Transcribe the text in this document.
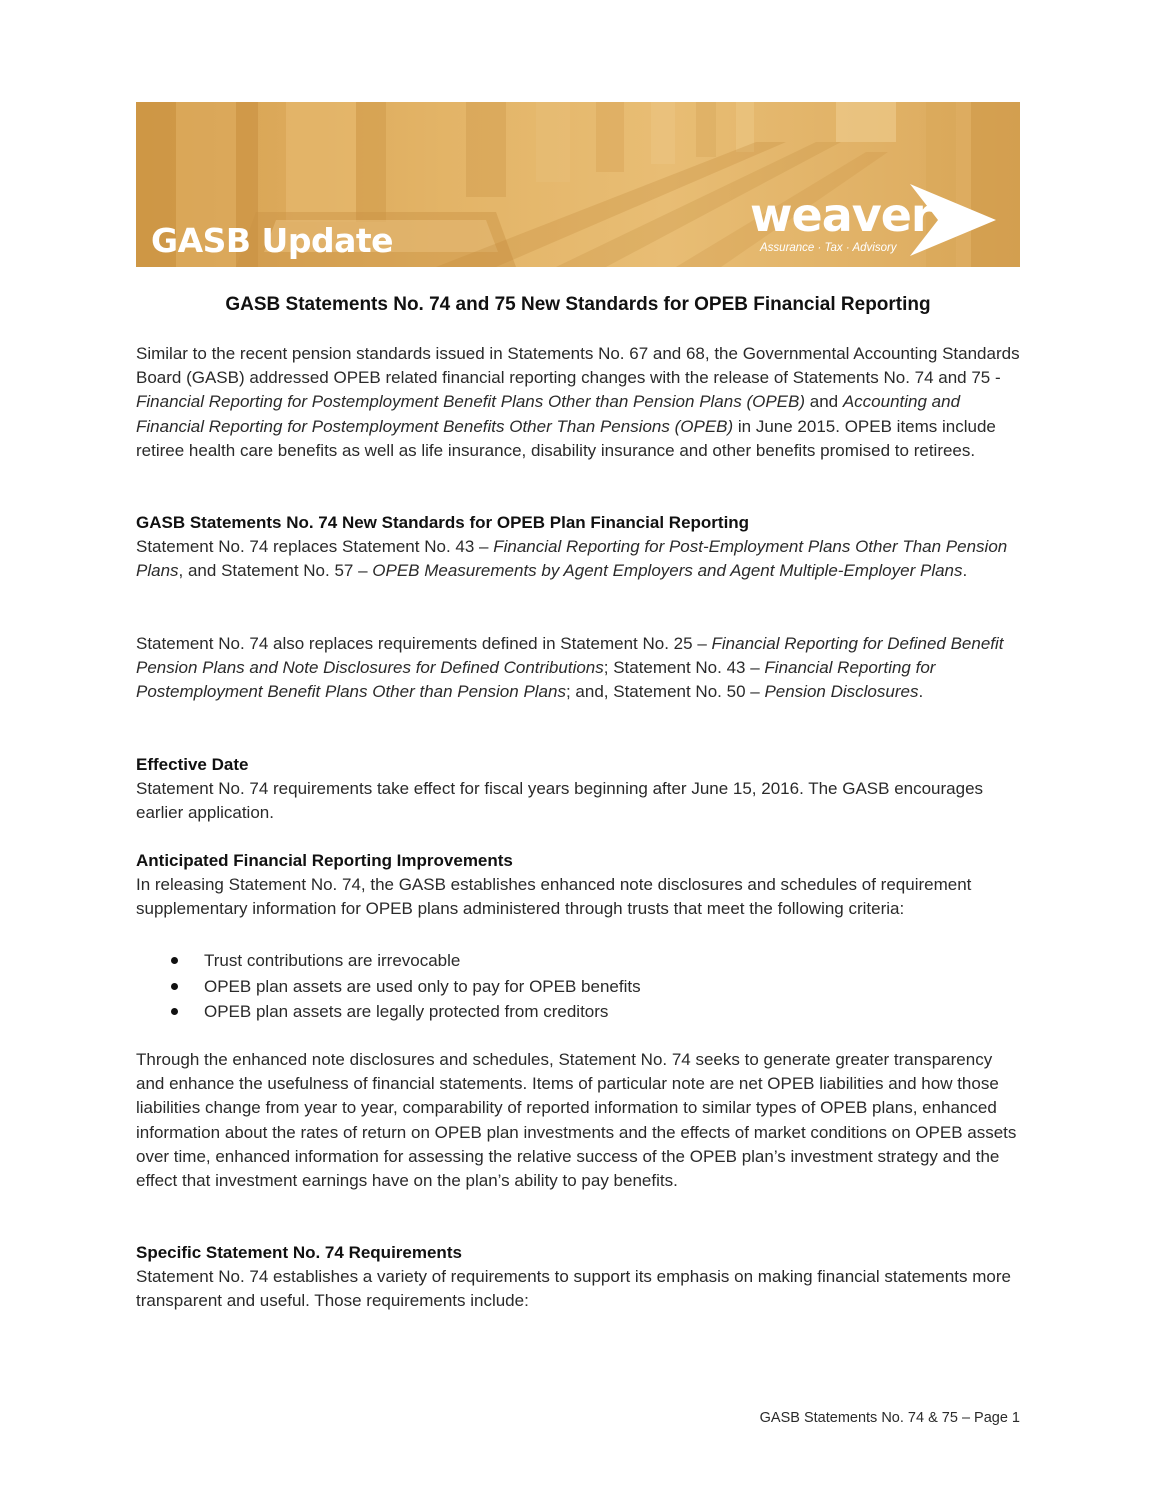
GASB Update	weaver
Assurance · Tax · Advisory
GASB Statements No. 74 and 75 New Standards for OPEB Financial Reporting

Similar to the recent pension standards issued in Statements No. 67 and 68, the Governmental Accounting Standards Board (GASB) addressed OPEB related financial reporting changes with the release of Statements No. 74 and 75 - Financial Reporting for Postemployment Benefit Plans Other than Pension Plans (OPEB) and Accounting and Financial Reporting for Postemployment Benefits Other Than Pensions (OPEB) in June 2015. OPEB items include retiree health care benefits as well as life insurance, disability insurance and other benefits promised to retirees.

GASB Statements No. 74 New Standards for OPEB Plan Financial Reporting

Statement No. 74 replaces Statement No. 43 – Financial Reporting for Post-Employment Plans Other Than Pension Plans, and Statement No. 57 – OPEB Measurements by Agent Employers and Agent Multiple-Employer Plans.

Statement No. 74 also replaces requirements defined in Statement No. 25 – Financial Reporting for Defined Benefit Pension Plans and Note Disclosures for Defined Contributions; Statement No. 43 – Financial Reporting for Postemployment Benefit Plans Other than Pension Plans; and, Statement No. 50 – Pension Disclosures.

Effective Date

Statement No. 74 requirements take effect for fiscal years beginning after June 15, 2016. The GASB encourages earlier application.

Anticipated Financial Reporting Improvements

In releasing Statement No. 74, the GASB establishes enhanced note disclosures and schedules of requirement supplementary information for OPEB plans administered through trusts that meet the following criteria:

Trust contributions are irrevocable
OPEB plan assets are used only to pay for OPEB benefits
OPEB plan assets are legally protected from creditors

Through the enhanced note disclosures and schedules, Statement No. 74 seeks to generate greater transparency and enhance the usefulness of financial statements. Items of particular note are net OPEB liabilities and how those liabilities change from year to year, comparability of reported information to similar types of OPEB plans, enhanced information about the rates of return on OPEB plan investments and the effects of market conditions on OPEB assets over time, enhanced information for assessing the relative success of the OPEB plan’s investment strategy and the effect that investment earnings have on the plan’s ability to pay benefits.

Specific Statement No. 74 Requirements

Statement No. 74 establishes a variety of requirements to support its emphasis on making financial statements more transparent and useful. Those requirements include:

GASB Statements No. 74 & 75 – Page 1
